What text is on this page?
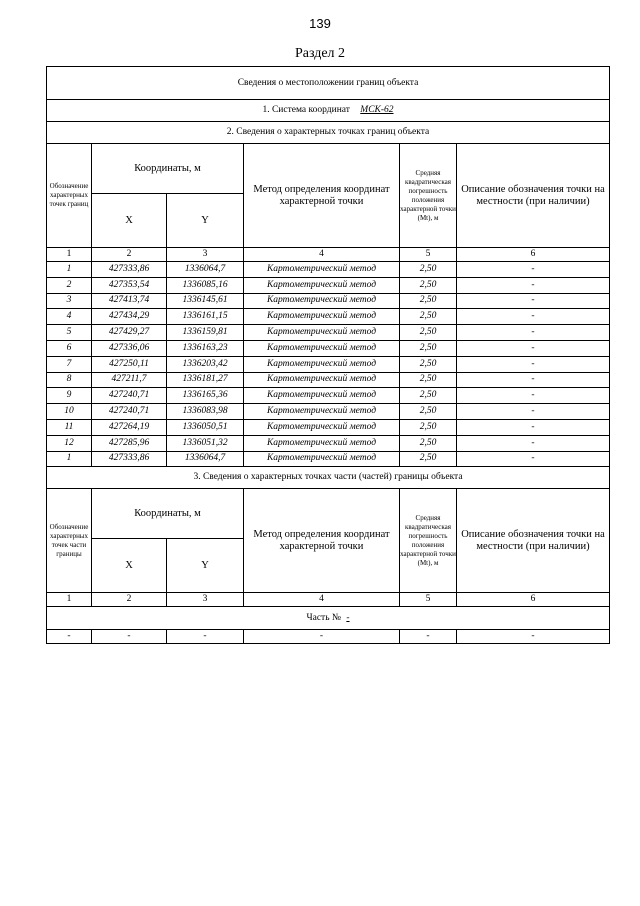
139
Раздел 2
Сведения о местоположении границ объекта					
1. Система координат МСК-62					
2. Сведения о характерных точках границ объекта					
Обозначение характерных точек границ	Координаты, м		Метод определения координат характерной точки	Средняя квадратическая погрешность положения характерной точки (Mt), м	Описание обозначения точки на местности (при наличии)
	X	Y			
1	2	3	4	5	6
1	427333,86	1336064,7	Картометрический метод	2,50	-
2	427353,54	1336085,16	Картометрический метод	2,50	-
3	427413,74	1336145,61	Картометрический метод	2,50	-
4	427434,29	1336161,15	Картометрический метод	2,50	-
5	427429,27	1336159,81	Картометрический метод	2,50	-
6	427336,06	1336163,23	Картометрический метод	2,50	-
7	427250,11	1336203,42	Картометрический метод	2,50	-
8	427211,7	1336181,27	Картометрический метод	2,50	-
9	427240,71	1336165,36	Картометрический метод	2,50	-
10	427240,71	1336083,98	Картометрический метод	2,50	-
11	427264,19	1336050,51	Картометрический метод	2,50	-
12	427285,96	1336051,32	Картометрический метод	2,50	-
1	427333,86	1336064,7	Картометрический метод	2,50	-
3. Сведения о характерных точках части (частей) границы объекта					
Обозначение характерных точек части границы	Координаты, м		Метод определения координат характерной точки	Средняя квадратическая погрешность положения характерной точки (Mt), м	Описание обозначения точки на местности (при наличии)
	X	Y			
1	2	3	4	5	6
Часть № -					
-	-	-	-	-	-
